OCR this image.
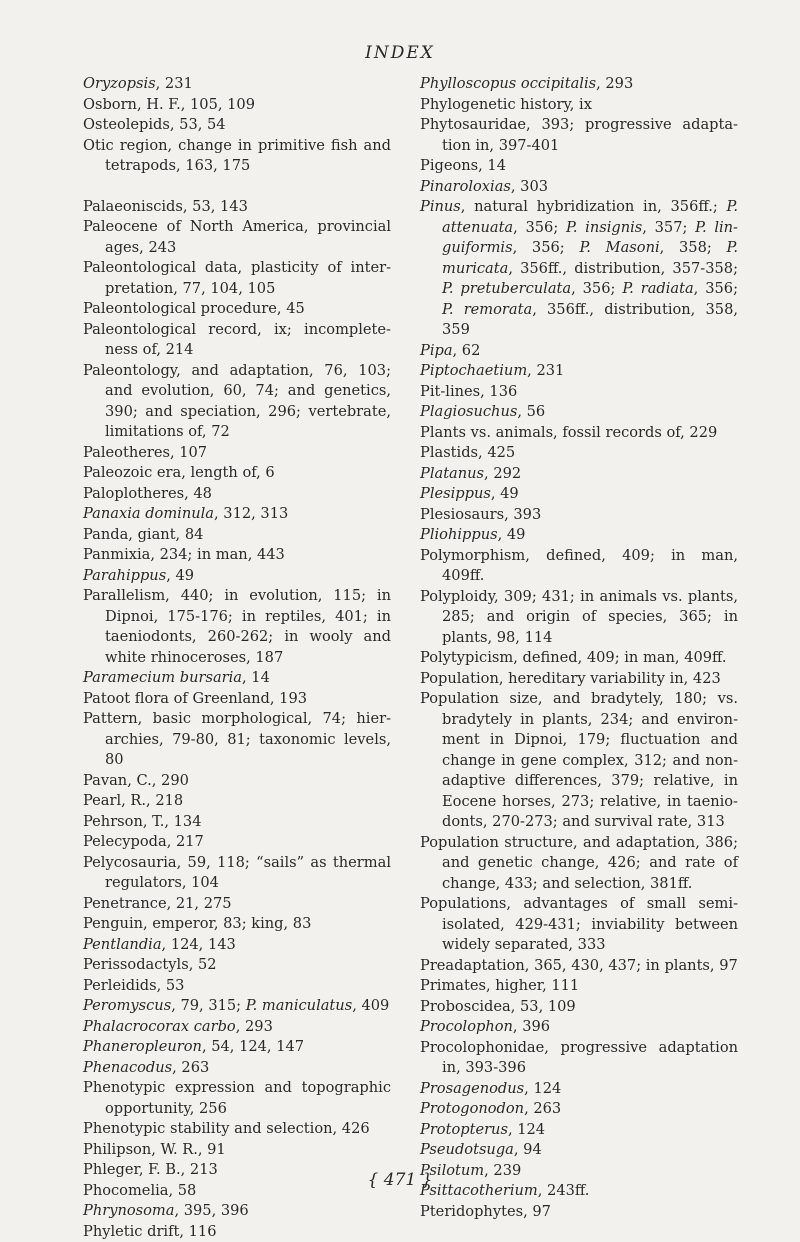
INDEX
Oryzopsis, 231
Osborn, H. F., 105, 109
Osteolepids, 53, 54
Otic region, change in primitive fish and tetrapods, 163, 175
Palaeoniscids, 53, 143
Paleocene of North America, provincial ages, 243
Paleontological data, plasticity of inter-pretation, 77, 104, 105
Paleontological procedure, 45
Paleontological record, ix; incomplete-ness of, 214
Paleontology, and adaptation, 76, 103; and evolution, 60, 74; and genetics, 390; and speciation, 296; vertebrate, limitations of, 72
Paleotheres, 107
Paleozoic era, length of, 6
Paloplotheres, 48
Panaxia dominula, 312, 313
Panda, giant, 84
Panmixia, 234; in man, 443
Parahippus, 49
Parallelism, 440; in evolution, 115; in Dipnoi, 175-176; in reptiles, 401; in taeniodonts, 260-262; in wooly and white rhinoceroses, 187
Paramecium bursaria, 14
Patoot flora of Greenland, 193
Pattern, basic morphological, 74; hier-archies, 79-80, 81; taxonomic levels, 80
Pavan, C., 290
Pearl, R., 218
Pehrson, T., 134
Pelecypoda, 217
Pelycosauria, 59, 118; “sails” as thermal regulators, 104
Penetrance, 21, 275
Penguin, emperor, 83; king, 83
Pentlandia, 124, 143
Perissodactyls, 52
Perleidids, 53
Peromyscus, 79, 315; P. maniculatus, 409
Phalacrocorax carbo, 293
Phaneropleuron, 54, 124, 147
Phenacodus, 263
Phenotypic expression and topographic opportunity, 256
Phenotypic stability and selection, 426
Philipson, W. R., 91
Phleger, F. B., 213
Phocomelia, 58
Phrynosoma, 395, 396
Phyletic drift, 116
Phylloscopus occipitalis, 293
Phylogenetic history, ix
Phytosauridae, 393; progressive adapta-tion in, 397-401
Pigeons, 14
Pinaroloxias, 303
Pinus, natural hybridization in, 356ff.; P. attenuata, 356; P. insignis, 357; P. lin-guiformis, 356; P. Masoni, 358; P. muricata, 356ff., distribution, 357-358; P. pretuberculata, 356; P. radiata, 356; P. remorata, 356ff., distribution, 358, 359
Pipa, 62
Piptochaetium, 231
Pit-lines, 136
Plagiosuchus, 56
Plants vs. animals, fossil records of, 229
Plastids, 425
Platanus, 292
Plesippus, 49
Plesiosaurs, 393
Pliohippus, 49
Polymorphism, defined, 409; in man, 409ff.
Polyploidy, 309; 431; in animals vs. plants, 285; and origin of species, 365; in plants, 98, 114
Polytypicism, defined, 409; in man, 409ff.
Population, hereditary variability in, 423
Population size, and bradytely, 180; vs. bradytely in plants, 234; and environ-ment in Dipnoi, 179; fluctuation and change in gene complex, 312; and non-adaptive differences, 379; relative, in Eocene horses, 273; relative, in taenio-donts, 270-273; and survival rate, 313
Population structure, and adaptation, 386; and genetic change, 426; and rate of change, 433; and selection, 381ff.
Populations, advantages of small semi-isolated, 429-431; inviability between widely separated, 333
Preadaptation, 365, 430, 437; in plants, 97
Primates, higher, 111
Proboscidea, 53, 109
Procolophon, 396
Procolophonidae, progressive adaptation in, 393-396
Prosagenodus, 124
Protogonodon, 263
Protopterus, 124
Pseudotsuga, 94
Psilotum, 239
Psittacotherium, 243ff.
Pteridophytes, 97
{ 471 }
